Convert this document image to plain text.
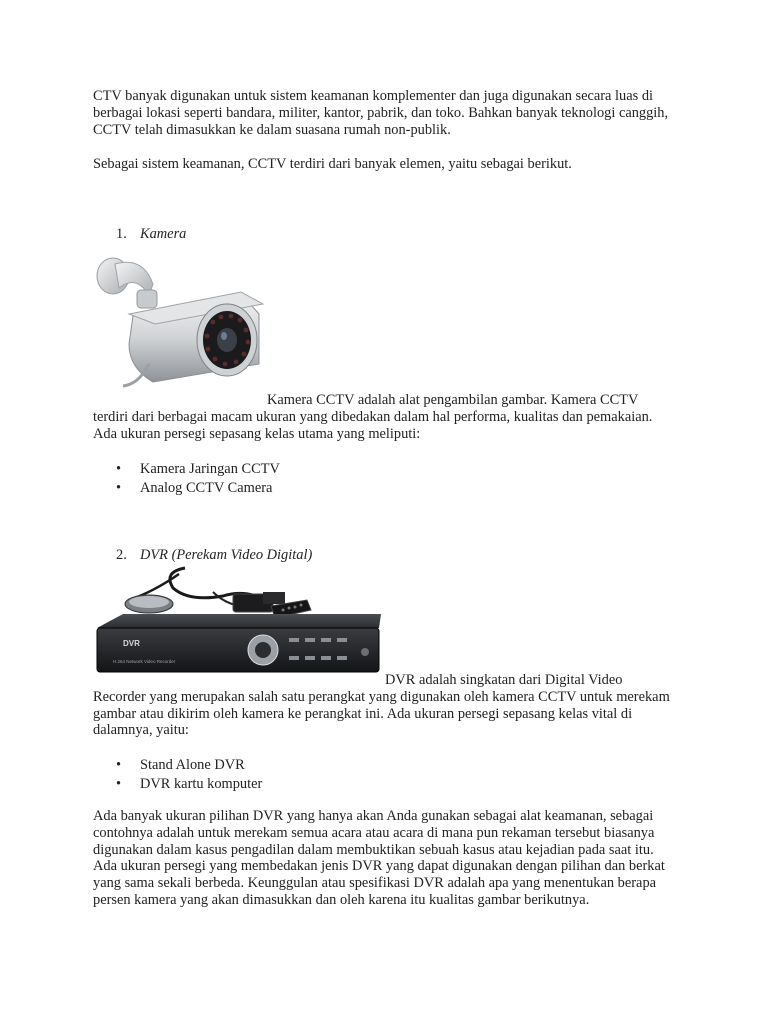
CTV banyak digunakan untuk sistem keamanan komplementer dan juga digunakan secara luas di berbagai lokasi seperti bandara, militer, kantor, pabrik, dan toko. Bahkan banyak teknologi canggih, CCTV telah dimasukkan ke dalam suasana rumah non-publik.

Sebagai sistem keamanan, CCTV terdiri dari banyak elemen, yaitu sebagai berikut.

1. Kamera

Kamera CCTV adalah alat pengambilan gambar. Kamera CCTV terdiri dari berbagai macam ukuran yang dibedakan dalam hal performa, kualitas dan pemakaian. Ada ukuran persegi sepasang kelas utama yang meliputi:

• Kamera Jaringan CCTV
• Analog CCTV Camera

2. DVR (Perekam Video Digital)

DVR
H.264 Network Video Recorder

DVR adalah singkatan dari Digital Video Recorder yang merupakan salah satu perangkat yang digunakan oleh kamera CCTV untuk merekam gambar atau dikirim oleh kamera ke perangkat ini. Ada ukuran persegi sepasang kelas vital di dalamnya, yaitu:

• Stand Alone DVR
• DVR kartu komputer

Ada banyak ukuran pilihan DVR yang hanya akan Anda gunakan sebagai alat keamanan, sebagai contohnya adalah untuk merekam semua acara atau acara di mana pun rekaman tersebut biasanya digunakan dalam kasus pengadilan dalam membuktikan sebuah kasus atau kejadian pada saat itu. Ada ukuran persegi yang membedakan jenis DVR yang dapat digunakan dengan pilihan dan berkat yang sama sekali berbeda. Keunggulan atau spesifikasi DVR adalah apa yang menentukan berapa persen kamera yang akan dimasukkan dan oleh karena itu kualitas gambar berikutnya.
